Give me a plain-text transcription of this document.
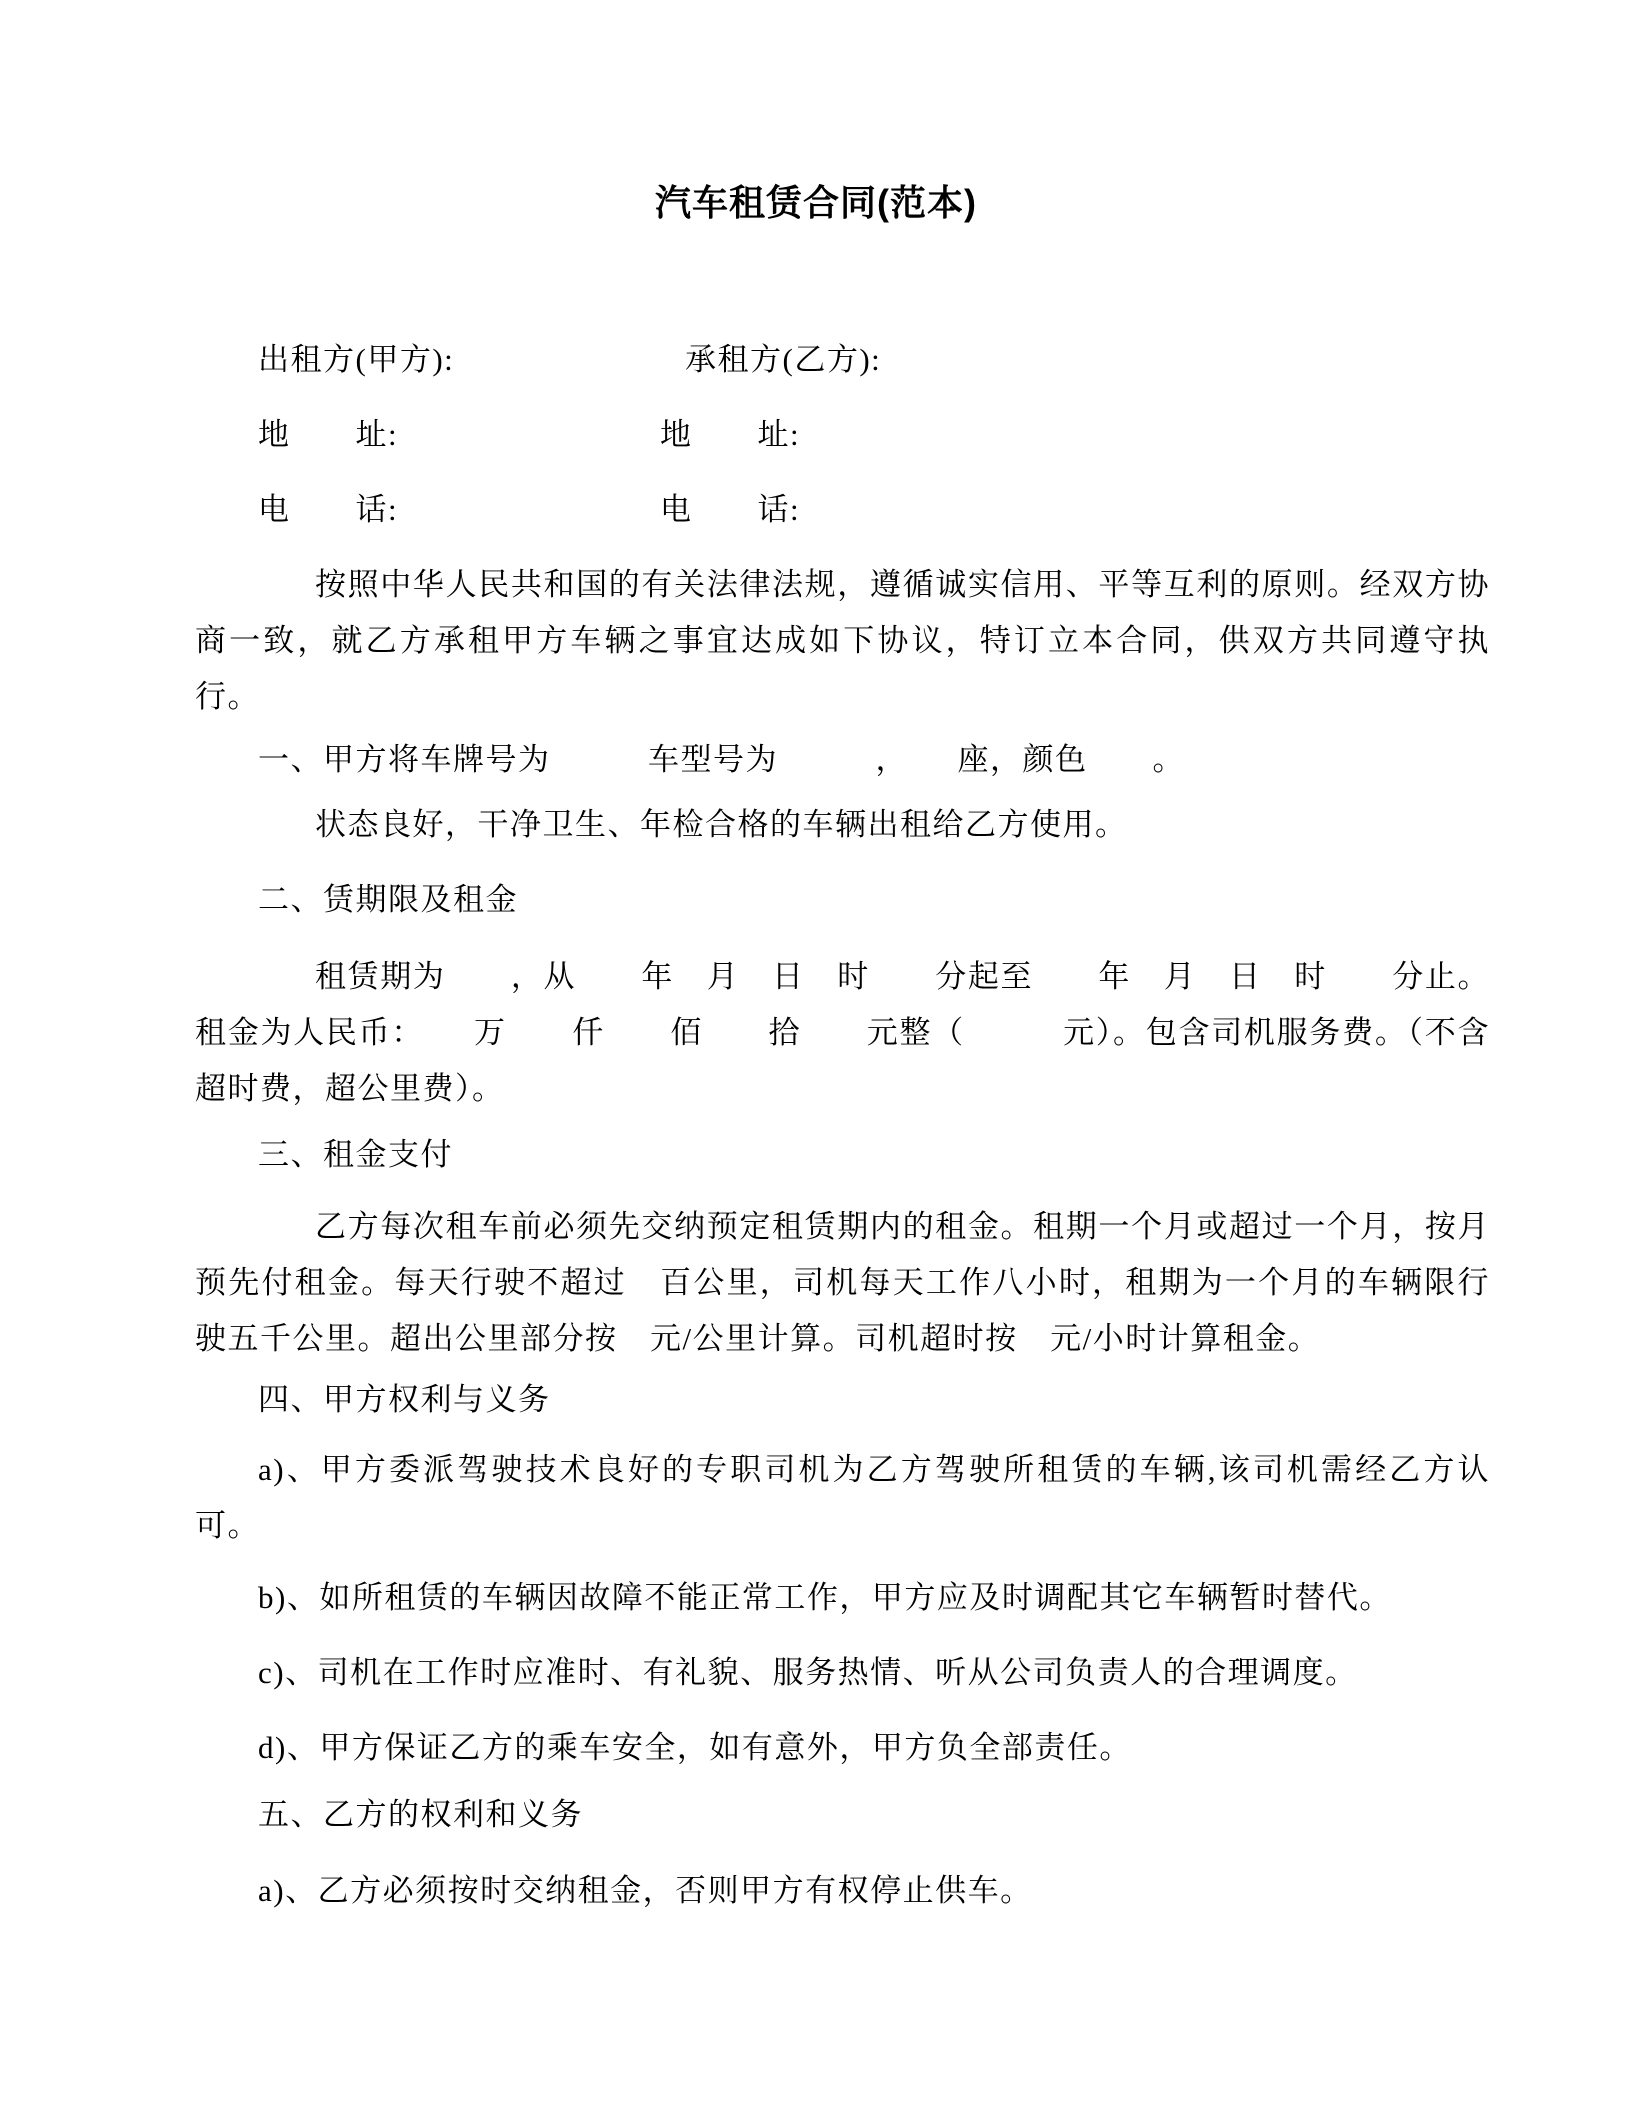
汽车租赁合同(范本)

出租方(甲方):	承租方(乙方):

地　　址:	地　　址:

电　　话:	电　　话:

按照中华人民共和国的有关法律法规，遵循诚实信用、平等互利的原则。经双方协商一致，就乙方承租甲方车辆之事宜达成如下协议，特订立本合同，供双方共同遵守执行。

一、甲方将车牌号为　　　车型号为　　　，　　座，颜色　　。

状态良好，干净卫生、年检合格的车辆出租给乙方使用。

二、赁期限及租金

租赁期为　　，从　　年　月　日　时　　分起至　　年　月　日　时　　分止。租金为人民币：　　万　　仟　　佰　　拾　　元整（　　　元）。包含司机服务费。（不含超时费，超公里费）。

三、租金支付

乙方每次租车前必须先交纳预定租赁期内的租金。租期一个月或超过一个月，按月预先付租金。每天行驶不超过　百公里，司机每天工作八小时，租期为一个月的车辆限行驶五千公里。超出公里部分按　元/公里计算。司机超时按　元/小时计算租金。

四、甲方权利与义务

a)、甲方委派驾驶技术良好的专职司机为乙方驾驶所租赁的车辆,该司机需经乙方认可。

b)、如所租赁的车辆因故障不能正常工作，甲方应及时调配其它车辆暂时替代。

c)、司机在工作时应准时、有礼貌、服务热情、听从公司负责人的合理调度。

d)、甲方保证乙方的乘车安全，如有意外，甲方负全部责任。

五、乙方的权利和义务

a)、乙方必须按时交纳租金，否则甲方有权停止供车。
